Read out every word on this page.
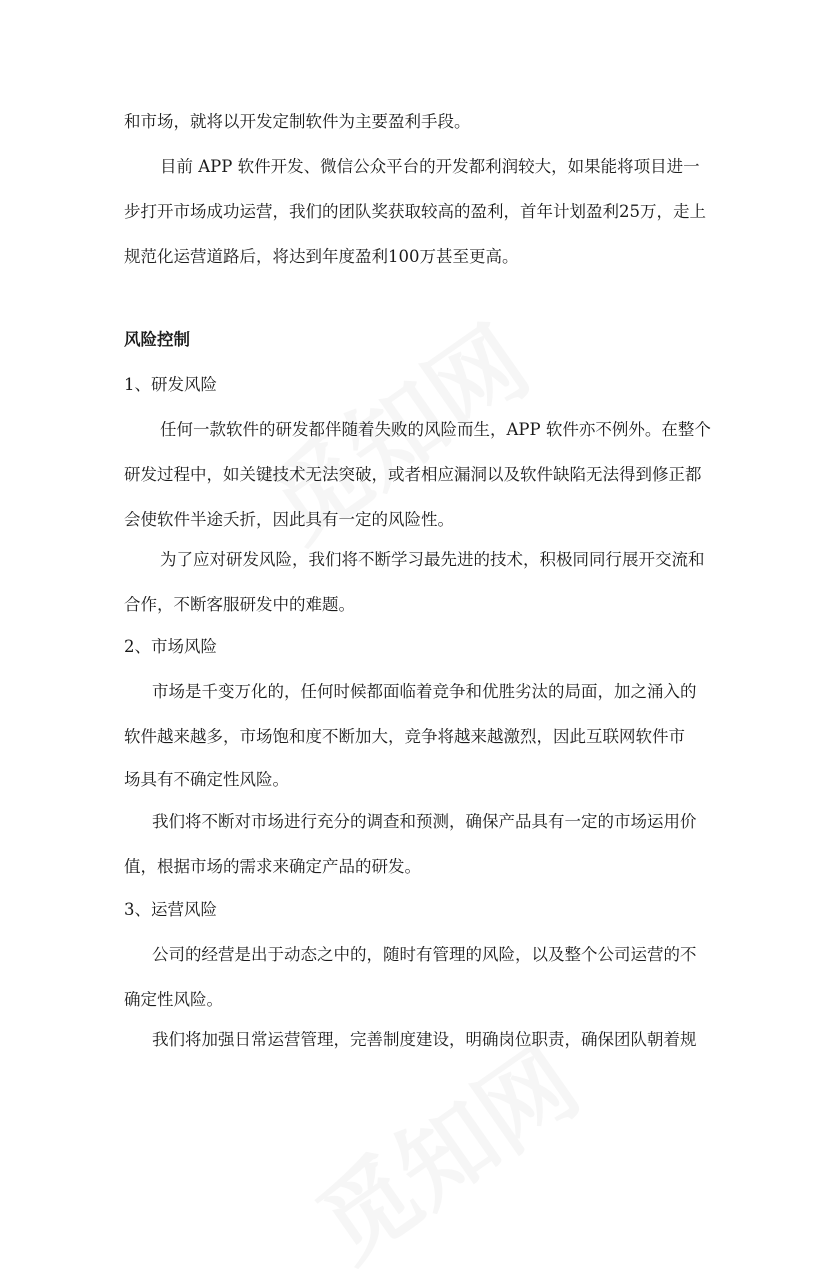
和市场，就将以开发定制软件为主要盈利手段。

目前 APP 软件开发、微信公众平台的开发都利润较大，如果能将项目进一

步打开市场成功运营，我们的团队奖获取较高的盈利，首年计划盈利25万，走上

规范化运营道路后，将达到年度盈利100万甚至更高。

风险控制

1、研发风险

任何一款软件的研发都伴随着失败的风险而生，APP 软件亦不例外。在整个

研发过程中，如关键技术无法突破，或者相应漏洞以及软件缺陷无法得到修正都

会使软件半途夭折，因此具有一定的风险性。

为了应对研发风险，我们将不断学习最先进的技术，积极同同行展开交流和

合作，不断客服研发中的难题。

2、市场风险

市场是千变万化的，任何时候都面临着竞争和优胜劣汰的局面，加之涌入的

软件越来越多，市场饱和度不断加大，竞争将越来越激烈，因此互联网软件市

场具有不确定性风险。

我们将不断对市场进行充分的调查和预测，确保产品具有一定的市场运用价

值，根据市场的需求来确定产品的研发。

3、运营风险

公司的经营是出于动态之中的，随时有管理的风险，以及整个公司运营的不

确定性风险。

我们将加强日常运营管理，完善制度建设，明确岗位职责，确保团队朝着规
